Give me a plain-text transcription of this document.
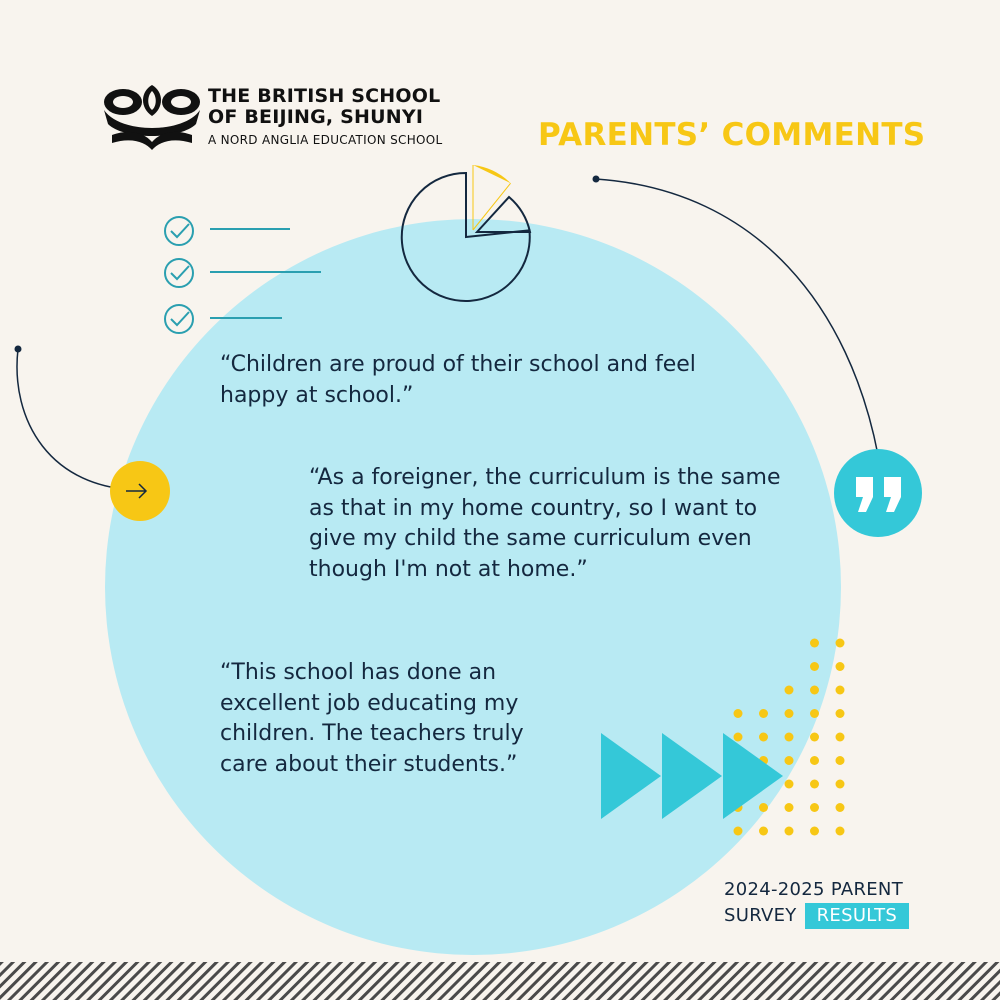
THE BRITISH SCHOOL
OF BEIJING, SHUNYI
A NORD ANGLIA EDUCATION SCHOOL	PARENTS’ COMMENTS
“Children are proud of their school and feel happy at school.”
“As a foreigner, the curriculum is the same as that in my home country, so I want to give my child the same curriculum even though I'm not at home.”
“This school has done an excellent job educating my children. The teachers truly care about their students.”
2024-2025 PARENT
SURVEY RESULTS
